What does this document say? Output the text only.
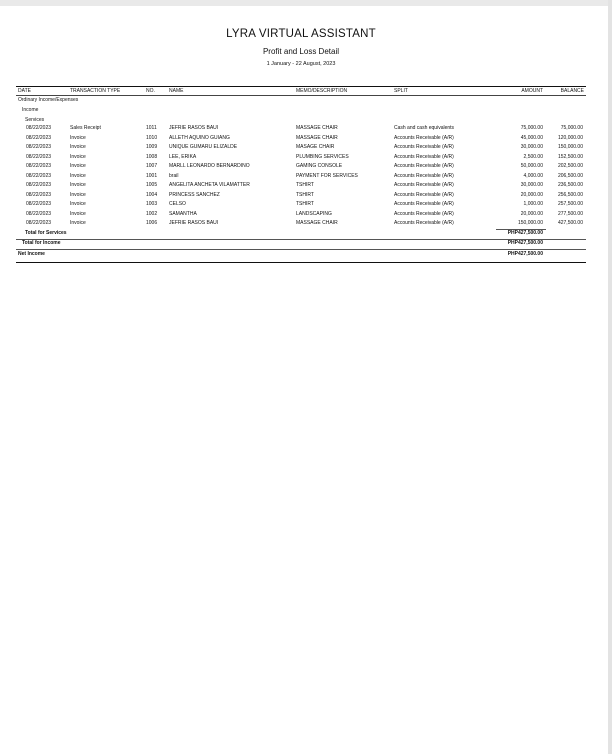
LYRA VIRTUAL ASSISTANT
Profit and Loss Detail
1 January - 22 August, 2023
DATE	TRANSACTION TYPE	NO.	NAME	MEMO/DESCRIPTION	SPLIT	AMOUNT	BALANCE
Ordinary Income/Expenses
Income
Services
08/22/2023	Sales Receipt	1011 JEFRIE RASOS BAUI	MASSAGE CHAIR	Cash and cash equivalents	75,000.00	75,000.00
08/22/2023	Invoice	1010 ALLETH AQUINO GUIANG	MASSAGE CHAIR	Accounts Receivable (A/R)	45,000.00	120,000.00
08/22/2023	Invoice	1009 UNIQUE GUMARU ELIZALDE	MASAGE CHAIR	Accounts Receivable (A/R)	30,000.00	150,000.00
08/22/2023	Invoice	1008 LEE, ERIKA	PLUMBING SERVICES	Accounts Receivable (A/R)	2,500.00	152,500.00
08/22/2023	Invoice	1007 MARLL LEONARDO BERNARDINO	GAMING CONSOLE	Accounts Receivable (A/R)	50,000.00	202,500.00
08/22/2023	Invoice	1001 brail	PAYMENT FOR SERVICES	Accounts Receivable (A/R)	4,000.00	206,500.00
08/22/2023	Invoice	1005 ANGELITA ANCHETA VILAMATTER	TSHIRT	Accounts Receivable (A/R)	30,000.00	236,500.00
08/22/2023	Invoice	1004 PRINCESS SANCHEZ	TSHIRT	Accounts Receivable (A/R)	20,000.00	256,500.00
08/22/2023	Invoice	1003 CELSO	TSHIRT	Accounts Receivable (A/R)	1,000.00	257,500.00
08/22/2023	Invoice	1002 SAMANTHA	LANDSCAPING	Accounts Receivable (A/R)	20,000.00	277,500.00
08/22/2023	Invoice	1006 JEFRIE RASOS BAUI	MASSAGE CHAIR	Accounts Receivable (A/R)	150,000.00	427,500.00
Total for Services	PHP427,500.00
Total for Income	PHP427,500.00
Net Income	PHP427,500.00
